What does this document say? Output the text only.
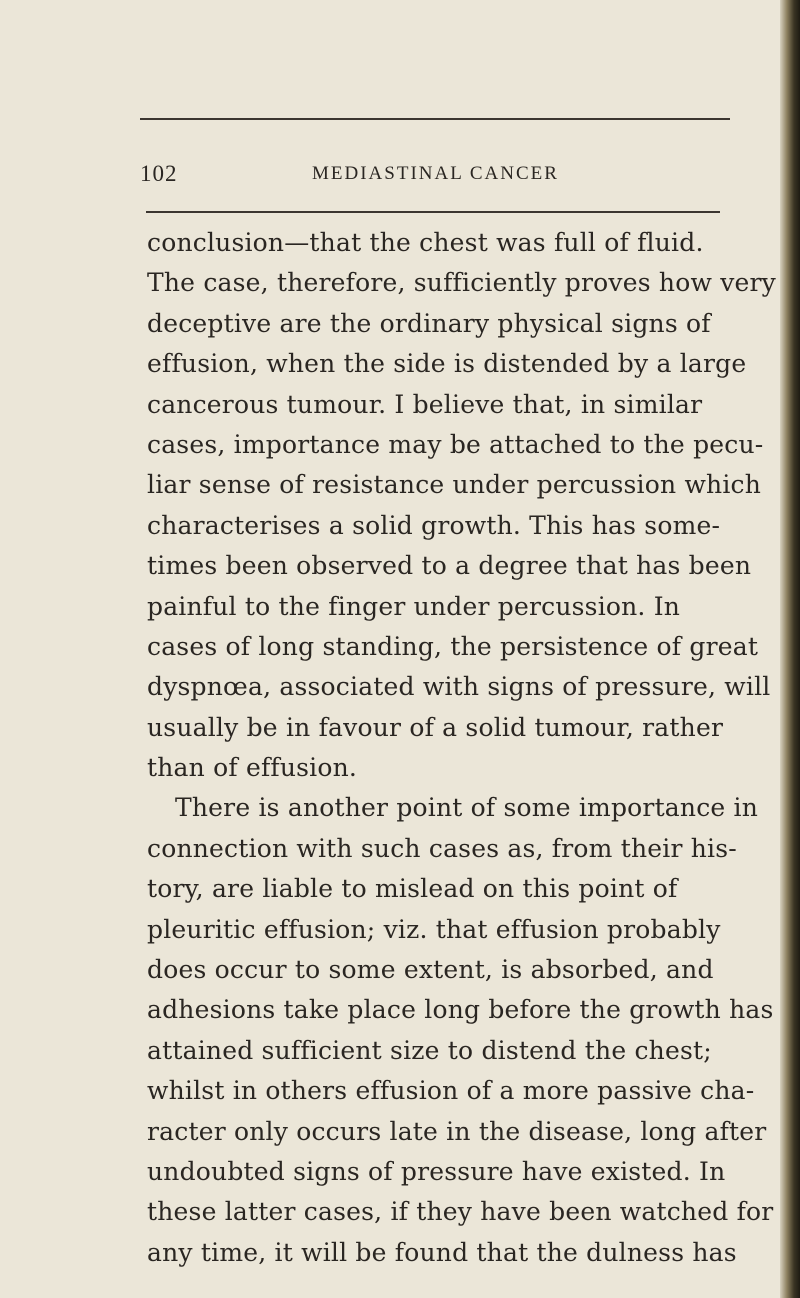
102	MEDIASTINAL CANCER
conclusion—that the chest was full of fluid.
The case, therefore, sufficiently proves how very
deceptive are the ordinary physical signs of
effusion, when the side is distended by a large
cancerous tumour. I believe that, in similar
cases, importance may be attached to the pecu-
liar sense of resistance under percussion which
characterises a solid growth. This has some-
times been observed to a degree that has been
painful to the finger under percussion. In
cases of long standing, the persistence of great
dyspnœa, associated with signs of pressure, will
usually be in favour of a solid tumour, rather
than of effusion.
There is another point of some importance in
connection with such cases as, from their his-
tory, are liable to mislead on this point of
pleuritic effusion; viz. that effusion probably
does occur to some extent, is absorbed, and
adhesions take place long before the growth has
attained sufficient size to distend the chest;
whilst in others effusion of a more passive cha-
racter only occurs late in the disease, long after
undoubted signs of pressure have existed. In
these latter cases, if they have been watched for
any time, it will be found that the dulness has
